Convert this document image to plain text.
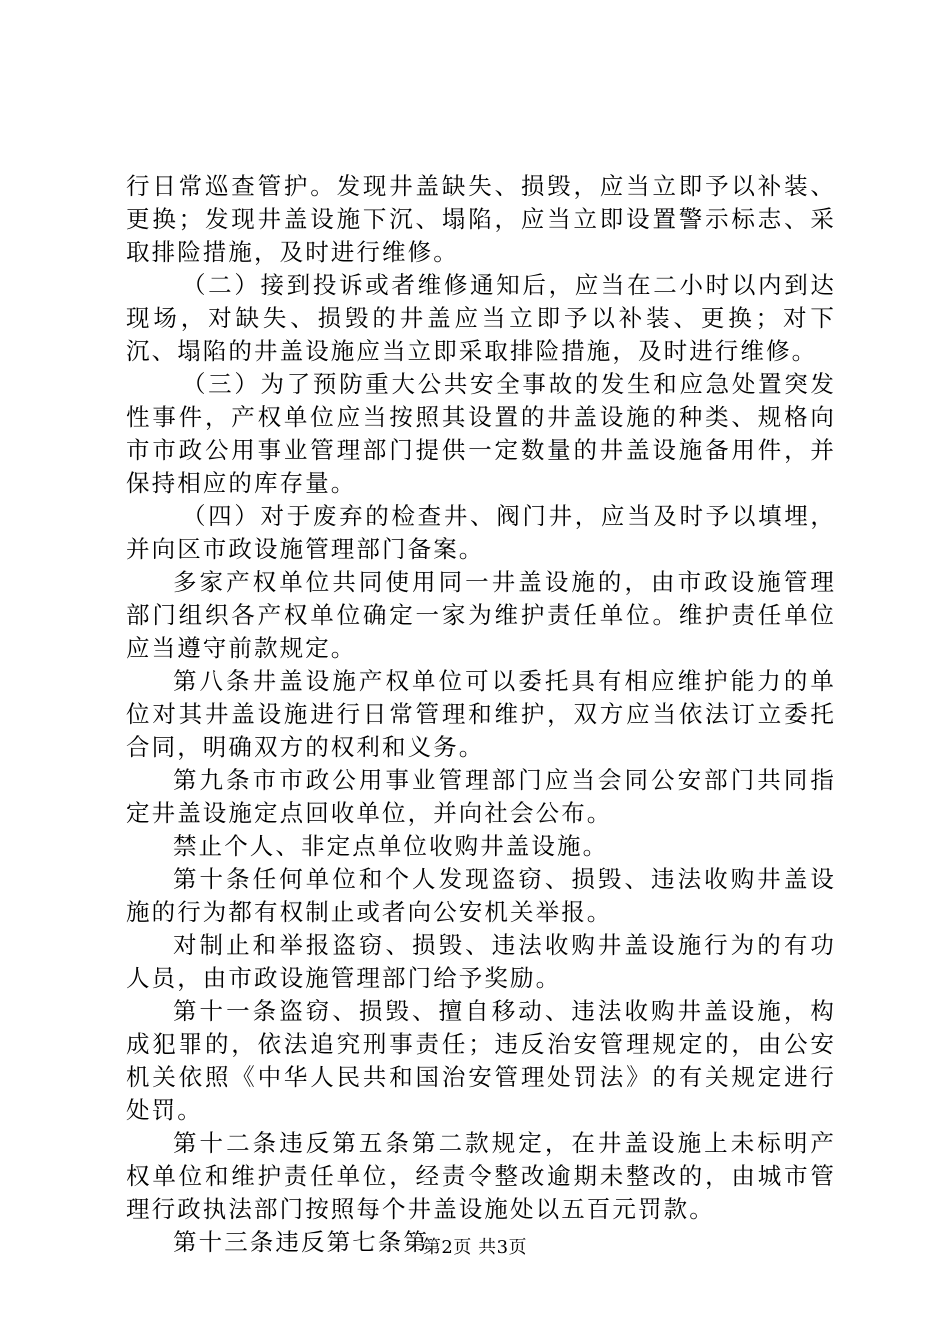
行日常巡查管护。发现井盖缺失、损毁，应当立即予以补装、更换；发现井盖设施下沉、塌陷，应当立即设置警示标志、采取排险措施，及时进行维修。

（二）接到投诉或者维修通知后，应当在二小时以内到达现场，对缺失、损毁的井盖应当立即予以补装、更换；对下沉、塌陷的井盖设施应当立即采取排险措施，及时进行维修。

（三）为了预防重大公共安全事故的发生和应急处置突发性事件，产权单位应当按照其设置的井盖设施的种类、规格向市市政公用事业管理部门提供一定数量的井盖设施备用件，并保持相应的库存量。

（四）对于废弃的检查井、阀门井，应当及时予以填埋，并向区市政设施管理部门备案。

多家产权单位共同使用同一井盖设施的，由市政设施管理部门组织各产权单位确定一家为维护责任单位。维护责任单位应当遵守前款规定。

第八条井盖设施产权单位可以委托具有相应维护能力的单位对其井盖设施进行日常管理和维护，双方应当依法订立委托合同，明确双方的权利和义务。

第九条市市政公用事业管理部门应当会同公安部门共同指定井盖设施定点回收单位，并向社会公布。

禁止个人、非定点单位收购井盖设施。

第十条任何单位和个人发现盗窃、损毁、违法收购井盖设施的行为都有权制止或者向公安机关举报。

对制止和举报盗窃、损毁、违法收购井盖设施行为的有功人员，由市政设施管理部门给予奖励。

第十一条盗窃、损毁、擅自移动、违法收购井盖设施，构成犯罪的，依法追究刑事责任；违反治安管理规定的，由公安机关依照《中华人民共和国治安管理处罚法》的有关规定进行处罚。

第十二条违反第五条第二款规定，在井盖设施上未标明产权单位和维护责任单位，经责令整改逾期未整改的，由城市管理行政执法部门按照每个井盖设施处以五百元罚款。

第十三条违反第七条第

第2页 共3页
